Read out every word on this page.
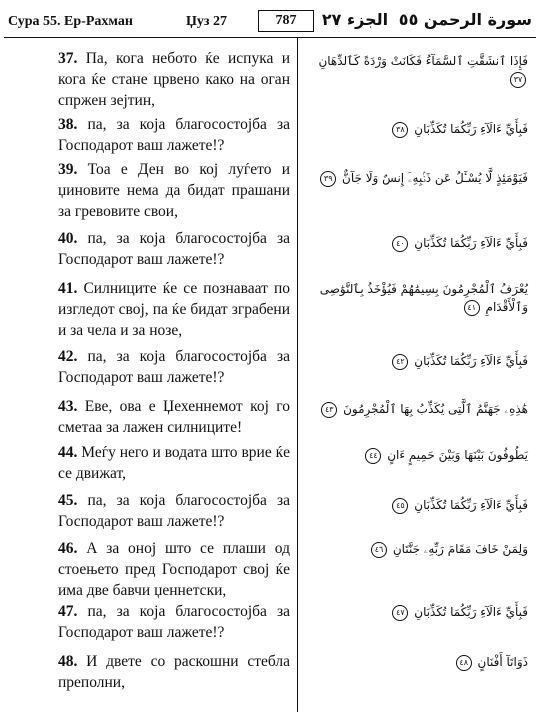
Сура 55. Ер-Рахман	Џуз 27	787	الجزء ٢٧ سورة الرحمن ٥٥
37. Па, кога небото ќе испука и кога ќе стане црвено како на оган спржен зејтин,
فَإِذَا ٱنشَقَّتِ ٱلسَّمَآءُ فَكَانَتْ وَرْدَةً كَٱلدِّهَانِ ٣٧
38. па, за која благосостојба за Господарот ваш лажете!?
فَبِأَيِّ ءَالَآءِ رَبِّكُمَا تُكَذِّبَانِ ٣٨
39. Тоа е Ден во кој луѓето и џиновите нема да бидат прашани за гревовите свои,
فَيَوْمَئِذٍ لَّا يُسْـَٔلُ عَن ذَنۢبِهِۦٓ إِنسٌ وَلَا جَآنٌّ ٣٩
40. па, за која благосостојба за Господарот ваш лажете!?
فَبِأَيِّ ءَالَآءِ رَبِّكُمَا تُكَذِّبَانِ ٤٠
41. Силниците ќе се познаваат по изгледот свој, па ќе бидат зграбени и за чела и за нозе,
يُعْرَفُ ٱلْمُجْرِمُونَ بِسِيمَٰهُمْ فَيُؤْخَذُ بِٱلنَّوَٰصِى وَٱلْأَقْدَامِ ٤١
42. па, за која благосостојба за Господарот ваш лажете!?
فَبِأَيِّ ءَالَآءِ رَبِّكُمَا تُكَذِّبَانِ ٤٢
43. Еве, ова е Џехеннемот кој го сметаа за лажен силниците!
هَٰذِهِۦ جَهَنَّمُ ٱلَّتِى يُكَذِّبُ بِهَا ٱلْمُجْرِمُونَ ٤٣
44. Меѓу него и водата што врие ќе се движат,
يَطُوفُونَ بَيْنَهَا وَبَيْنَ حَمِيمٍ ءَانٍ ٤٤
45. па, за која благосостојба за Господарот ваш лажете!?
فَبِأَيِّ ءَالَآءِ رَبِّكُمَا تُكَذِّبَانِ ٤٥
46. А за оној што се плаши од стоењето пред Господарот свој ќе има две бавчи џеннетски,
وَلِمَنْ خَافَ مَقَامَ رَبِّهِۦ جَنَّتَانِ ٤٦
47. па, за која благосостојба за Господарот ваш лажете!?
فَبِأَيِّ ءَالَآءِ رَبِّكُمَا تُكَذِّبَانِ ٤٧
48. И двете со раскошни стебла преполни,
ذَوَاتَآ أَفْنَانٍ ٤٨
